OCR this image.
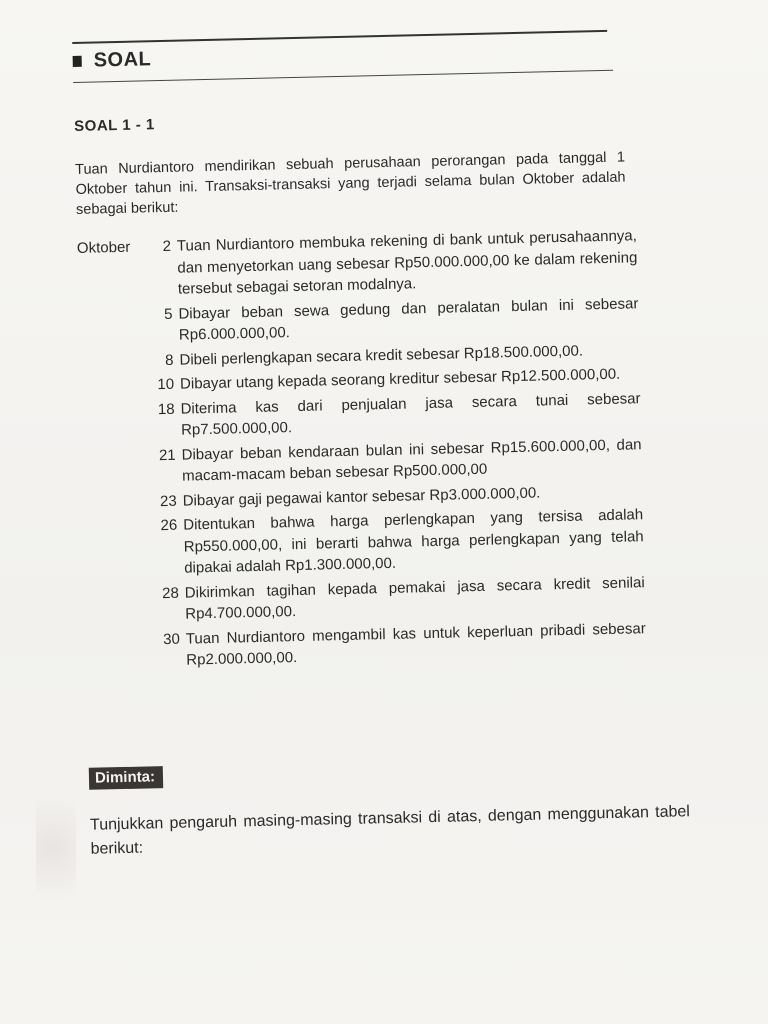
SOAL
SOAL 1 - 1
Tuan Nurdiantoro mendirikan sebuah perusahaan perorangan pada tanggal 1 Oktober tahun ini. Transaksi-transaksi yang terjadi selama bulan Oktober adalah sebagai berikut:
Oktober	2 Tuan Nurdiantoro membuka rekening di bank untuk perusahaannya, dan menyetorkan uang sebesar Rp50.000.000,00 ke dalam rekening tersebut sebagai setoran modalnya.
5 Dibayar beban sewa gedung dan peralatan bulan ini sebesar Rp6.000.000,00.
8 Dibeli perlengkapan secara kredit sebesar Rp18.500.000,00.
10 Dibayar utang kepada seorang kreditur sebesar Rp12.500.000,00.
18 Diterima kas dari penjualan jasa secara tunai sebesar Rp7.500.000,00.
21 Dibayar beban kendaraan bulan ini sebesar Rp15.600.000,00, dan macam-macam beban sebesar Rp500.000,00
23 Dibayar gaji pegawai kantor sebesar Rp3.000.000,00.
26 Ditentukan bahwa harga perlengkapan yang tersisa adalah Rp550.000,00, ini berarti bahwa harga perlengkapan yang telah dipakai adalah Rp1.300.000,00.
28 Dikirimkan tagihan kepada pemakai jasa secara kredit senilai Rp4.700.000,00.
30 Tuan Nurdiantoro mengambil kas untuk keperluan pribadi sebesar Rp2.000.000,00.
Diminta:
Tunjukkan pengaruh masing-masing transaksi di atas, dengan menggunakan tabel berikut:
